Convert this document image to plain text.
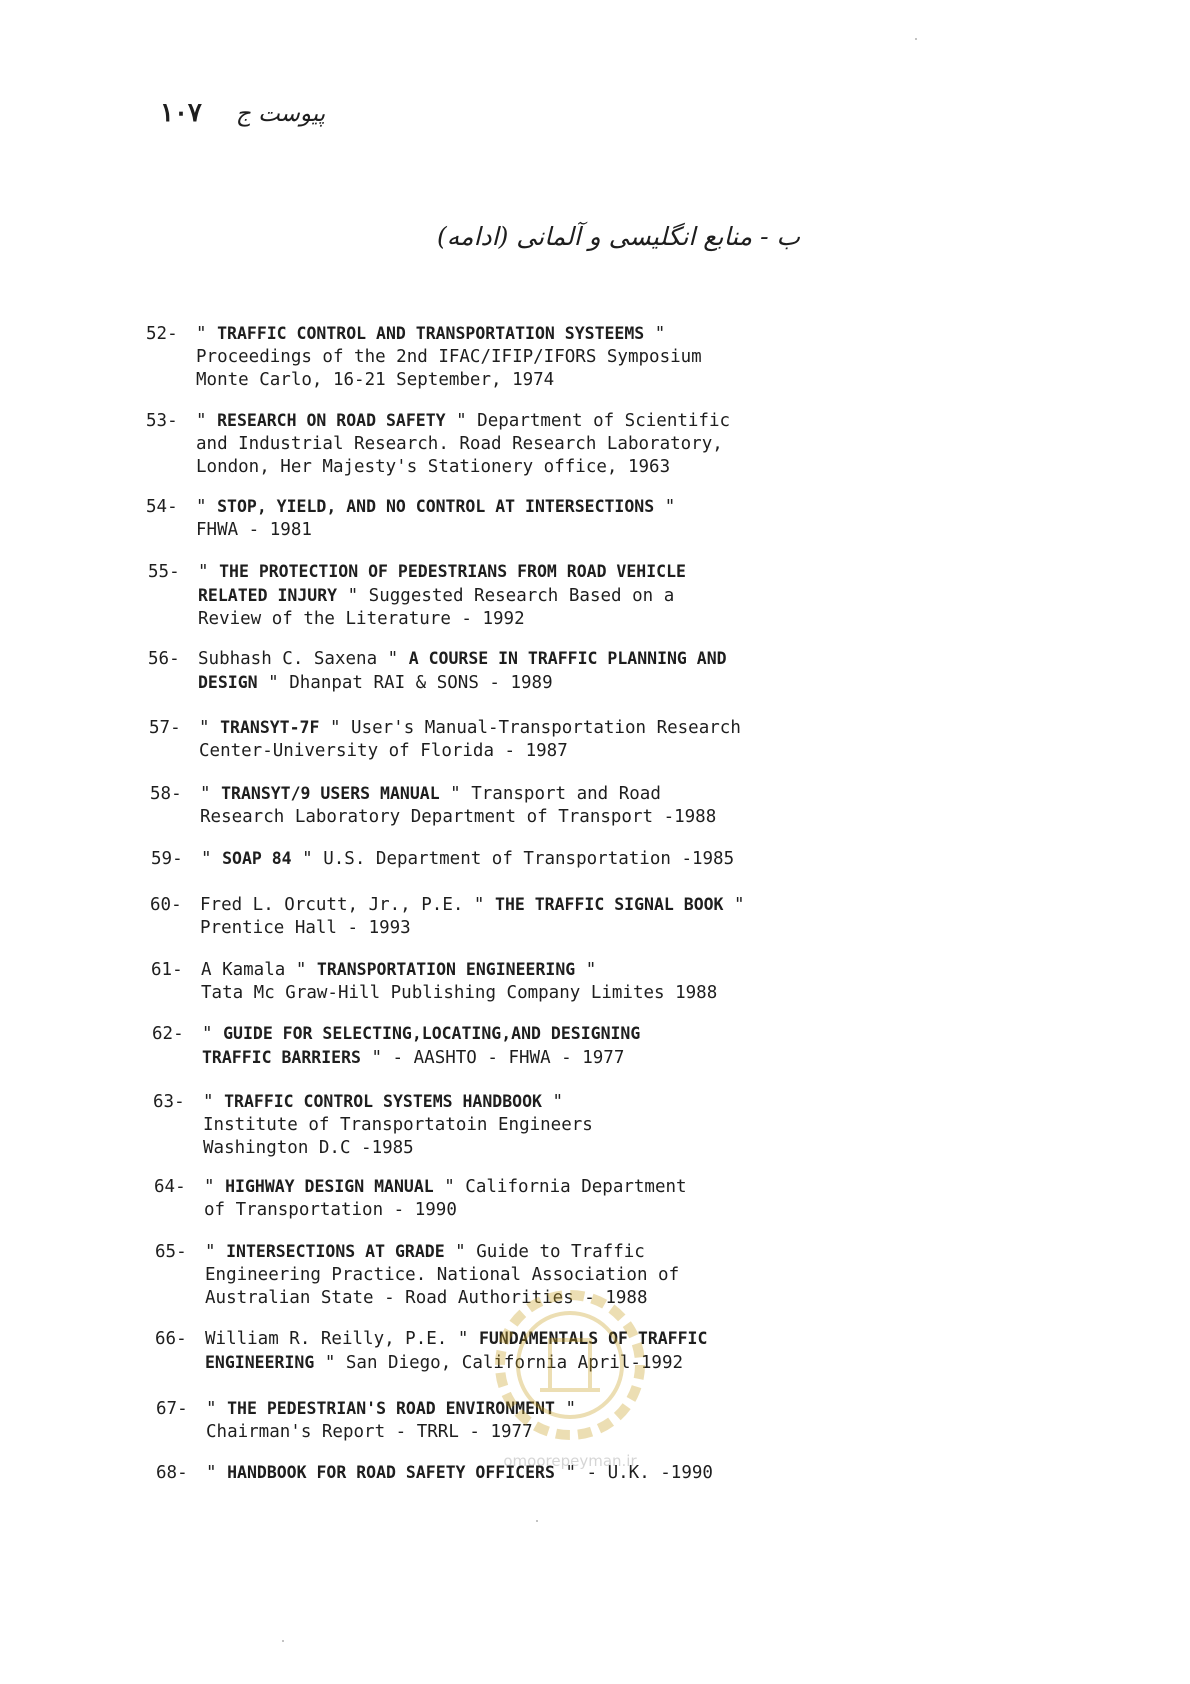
پیوست ج
۱۰۷
ب - منابع انگلیسی و آلمانی (ادامه)
52- " TRAFFIC CONTROL AND TRANSPORTATION SYSTEEMS "
Proceedings of the 2nd IFAC/IFIP/IFORS Symposium
Monte Carlo, 16-21 September, 1974
53- " RESEARCH ON ROAD SAFETY " Department of Scientific
and Industrial Research. Road Research Laboratory,
London, Her Majesty's Stationery office, 1963
54- " STOP, YIELD, AND NO CONTROL AT INTERSECTIONS "
FHWA - 1981
55- " THE PROTECTION OF PEDESTRIANS FROM ROAD VEHICLE
RELATED INJURY " Suggested Research Based on a
Review of the Literature - 1992
56- Subhash C. Saxena " A COURSE IN TRAFFIC PLANNING AND
DESIGN " Dhanpat RAI & SONS - 1989
57- " TRANSYT-7F " User's Manual-Transportation Research
Center-University of Florida - 1987
58- " TRANSYT/9 USERS MANUAL " Transport and Road
Research Laboratory Department of Transport -1988
59- " SOAP 84 " U.S. Department of Transportation -1985
60- Fred L. Orcutt, Jr., P.E. " THE TRAFFIC SIGNAL BOOK "
Prentice Hall - 1993
61- A Kamala " TRANSPORTATION ENGINEERING "
Tata Mc Graw-Hill Publishing Company Limites 1988
62- " GUIDE FOR SELECTING,LOCATING,AND DESIGNING
TRAFFIC BARRIERS " - AASHTO - FHWA - 1977
63- " TRAFFIC CONTROL SYSTEMS HANDBOOK "
Institute of Transportatoin Engineers
Washington D.C -1985
64- " HIGHWAY DESIGN MANUAL " California Department
of Transportation - 1990
65- " INTERSECTIONS AT GRADE " Guide to Traffic
Engineering Practice. National Association of
Australian State - Road Authorities - 1988
66- William R. Reilly, P.E. " FUNDAMENTALS OF TRAFFIC
ENGINEERING " San Diego, California April-1992
67- " THE PEDESTRIAN'S ROAD ENVIRONMENT "
Chairman's Report - TRRL - 1977
68- " HANDBOOK FOR ROAD SAFETY OFFICERS " - U.K. -1990
omoorepeyman.ir
